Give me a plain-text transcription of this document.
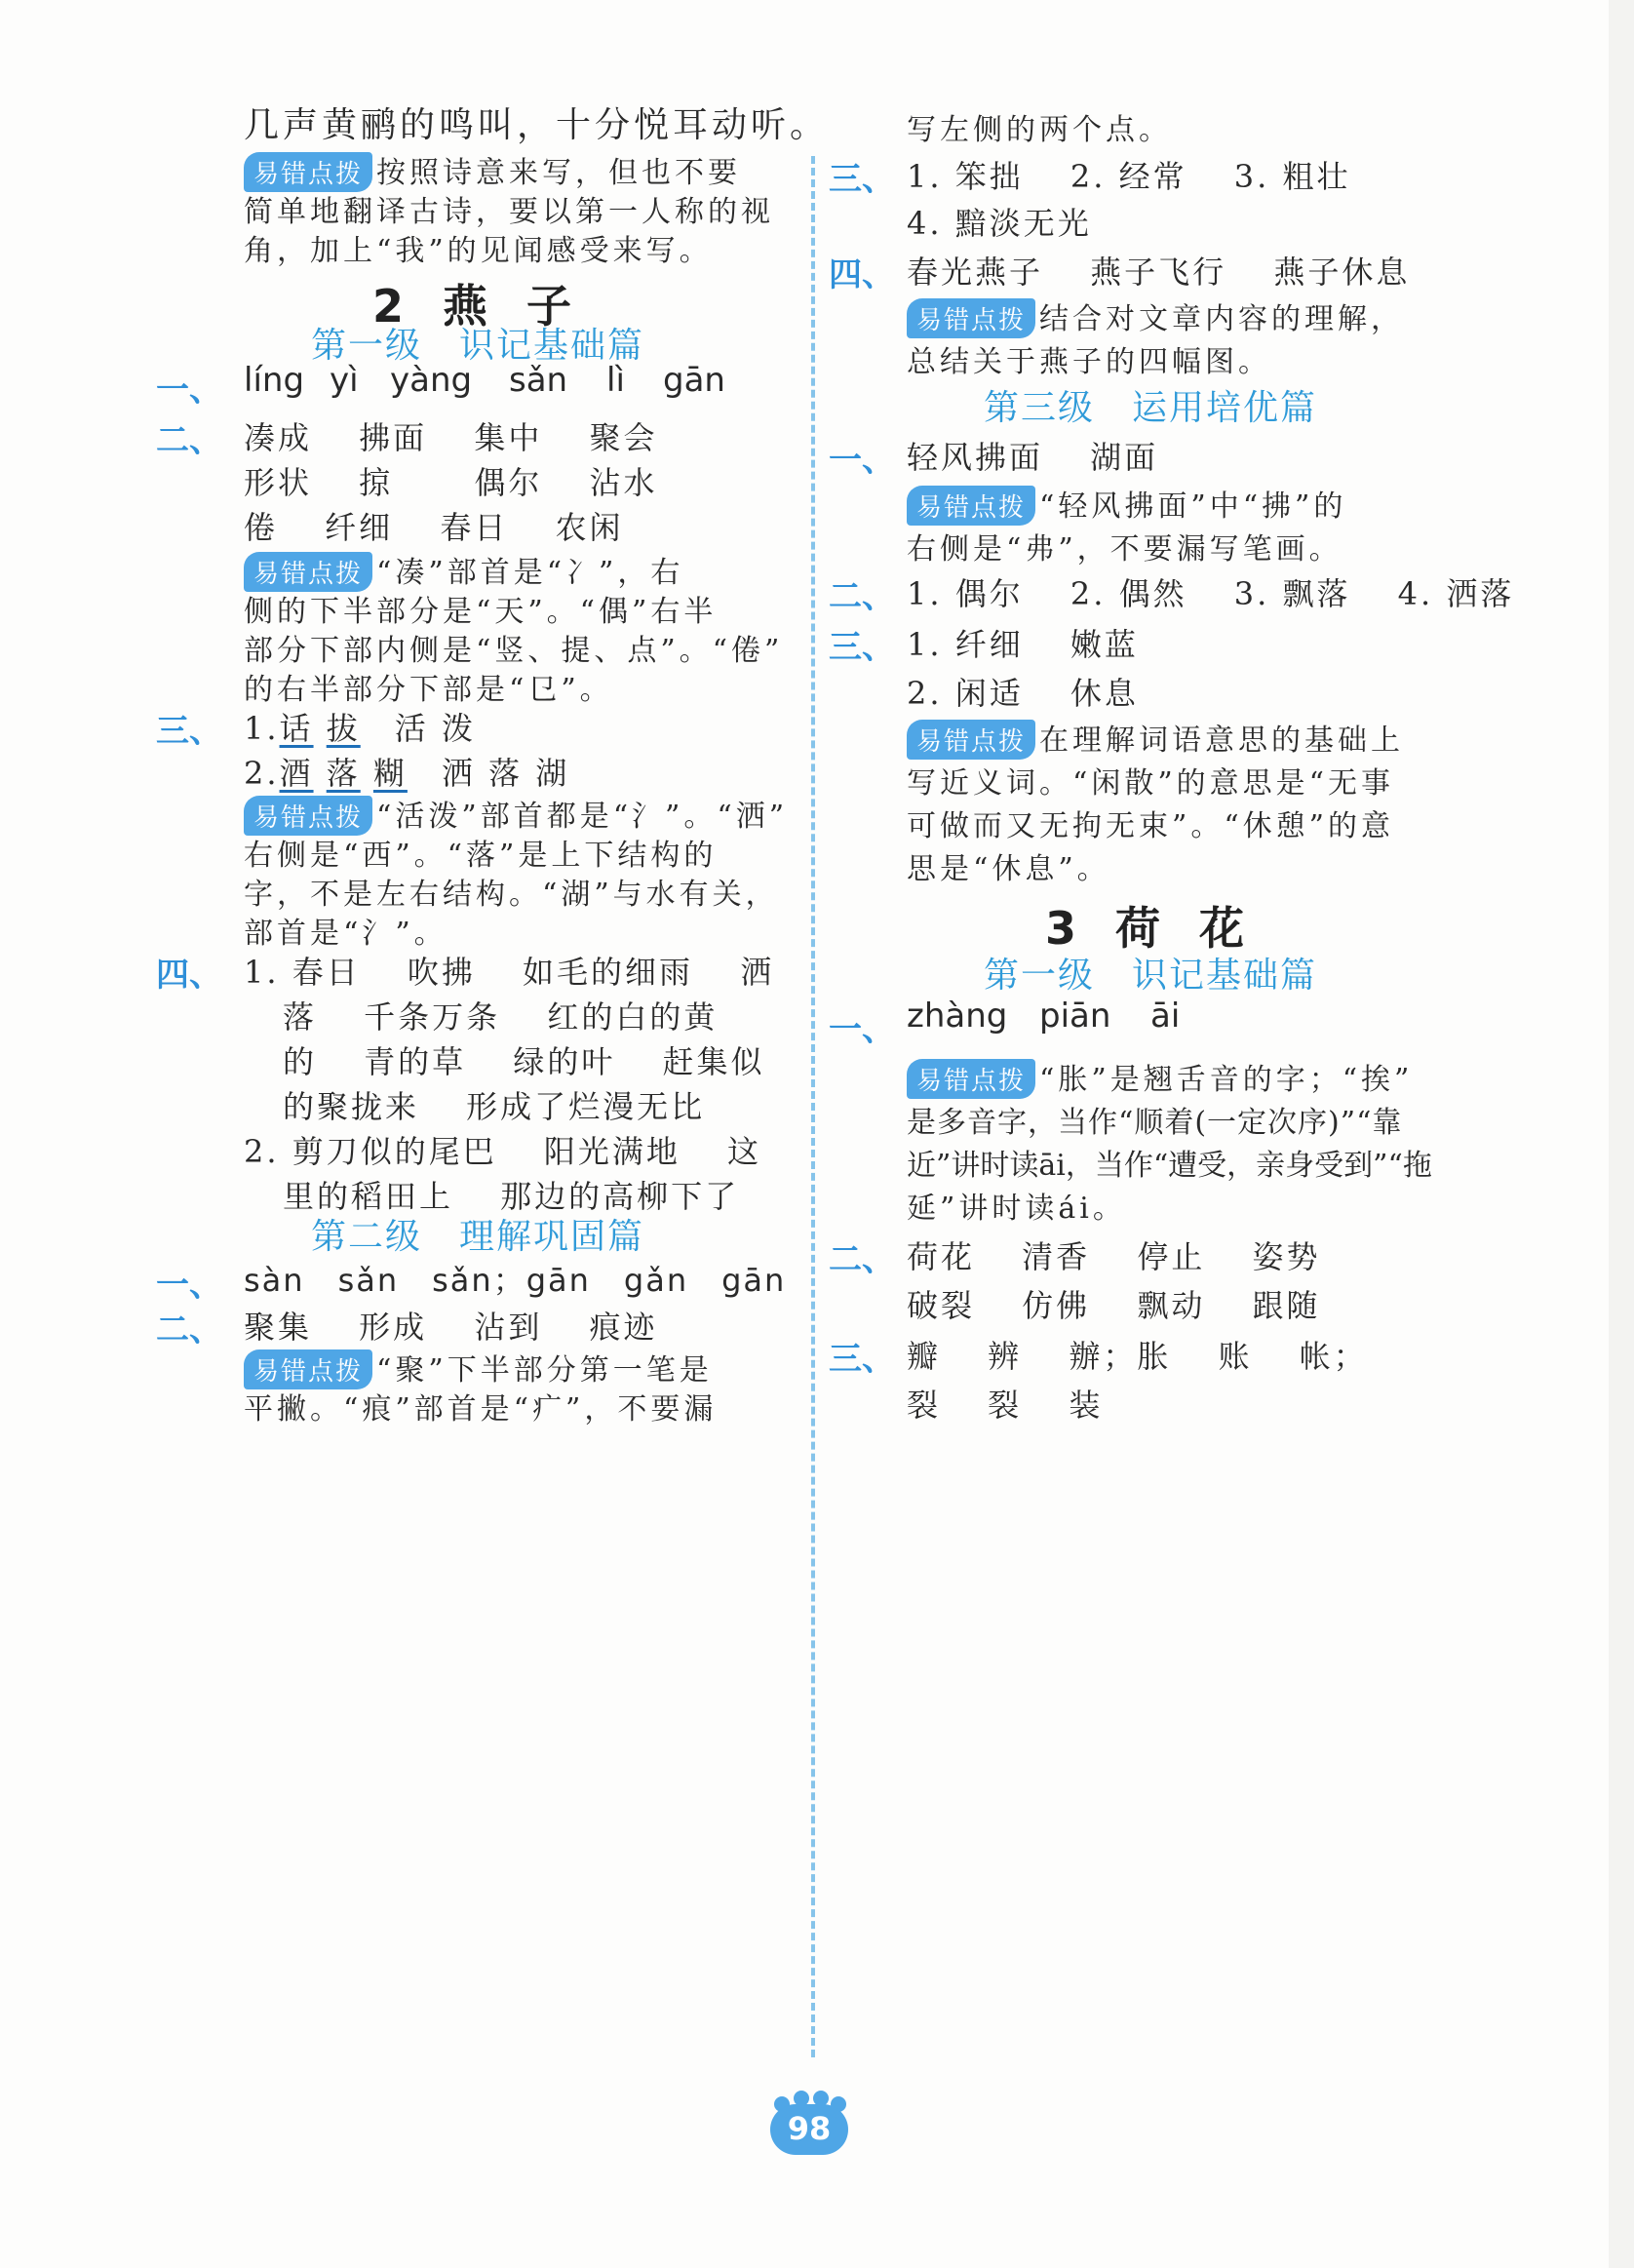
几声黄鹂的鸣叫，十分悦耳动听。
易错点拨 按照诗意来写，但也不要
简单地翻译古诗，要以第一人称的视
角，加上“我”的见闻感受来写。
2 燕 子
第一级　识记基础篇
一、 líng yì yàng sǎn lì gān
二、 凑成　 拂面　 集中　 聚会
形状　 掠　　 偶尔　 沾水
倦　 纤细　 春日　 农闲
易错点拨 “凑”部首是“冫”，右
侧的下半部分是“天”。“偶”右半
部分下部内侧是“竖、提、点”。“倦”
的右半部分下部是“㔾”。
三、 1.话 拔　活 泼
2.酒 落 糊　洒 落 湖
易错点拨 “活泼”部首都是“氵”。“洒”
右侧是“西”。“落”是上下结构的
字，不是左右结构。“湖”与水有关，
部首是“氵”。
四、 1. 春日　 吹拂　 如毛的细雨　 洒
落　 千条万条　 红的白的黄
的　 青的草　 绿的叶　 赶集似
的聚拢来　 形成了烂漫无比
2. 剪刀似的尾巴　 阳光满地　 这
里的稻田上　 那边的高柳下了
第二级　理解巩固篇
一、 sàn　sǎn　sǎn；gān　gǎn　gān
二、 聚集　 形成　 沾到　 痕迹
易错点拨 “聚”下半部分第一笔是
平撇。“痕”部首是“疒”，不要漏
写左侧的两个点。
三、 1. 笨拙　 2. 经常　 3. 粗壮
4. 黯淡无光
四、 春光燕子　 燕子飞行　 燕子休息
易错点拨 结合对文章内容的理解，
总结关于燕子的四幅图。
第三级　运用培优篇
一、 轻风拂面　 湖面
易错点拨 “轻风拂面”中“拂”的
右侧是“弗”，不要漏写笔画。
二、 1. 偶尔　 2. 偶然　 3. 飘落　 4. 洒落
三、 1. 纤细　 嫩蓝
2. 闲适　 休息
易错点拨 在理解词语意思的基础上
写近义词。“闲散”的意思是“无事
可做而又无拘无束”。“休憩”的意
思是“休息”。
3 荷 花
第一级　识记基础篇
一、 zhàng piān āi
易错点拨 “胀”是翘舌音的字；“挨”
是多音字，当作“顺着(一定次序)”“靠
近”讲时读āi，当作“遭受，亲身受到”“拖
延”讲时读ái。
二、 荷花　 清香　 停止　 姿势
破裂　 仿佛　 飘动　 跟随
三、 瓣　 辨　 辦；胀　 账　 帐；
裂　 裂　 装
98
